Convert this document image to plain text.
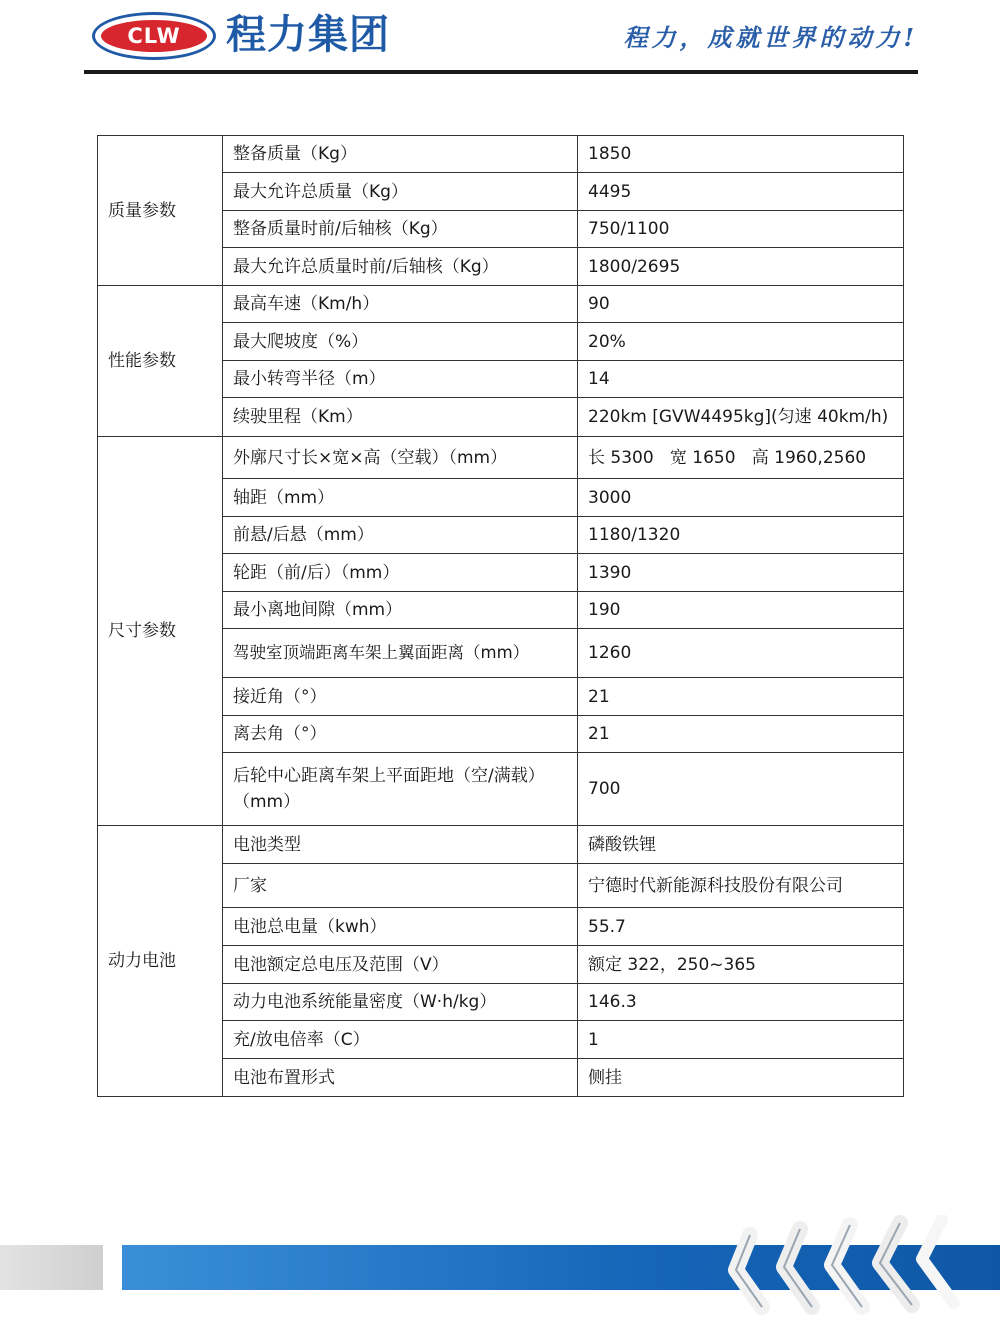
CLW 程力集团	程力，成就世界的动力!
质量参数	整备质量（Kg）	1850
	最大允许总质量（Kg）	4495
	整备质量时前/后轴核（Kg）	750/1100
	最大允许总质量时前/后轴核（Kg）	1800/2695
性能参数	最高车速（Km/h）	90
	最大爬坡度（%）	20%
	最小转弯半径（m）	14
	续驶里程（Km）	220km [GVW4495kg](匀速 40km/h)
尺寸参数	外廓尺寸长×宽×高（空载）（mm）	长 5300   宽 1650   高 1960,2560
	轴距（mm）	3000
	前悬/后悬（mm）	1180/1320
	轮距（前/后）（mm）	1390
	最小离地间隙（mm）	190
	驾驶室顶端距离车架上翼面距离（mm）	1260
	接近角（°）	21
	离去角（°）	21
	后轮中心距离车架上平面距地（空/满载）（mm）	700
动力电池	电池类型	磷酸铁锂
	厂家	宁德时代新能源科技股份有限公司
	电池总电量（kwh）	55.7
	电池额定总电压及范围（V）	额定 322，250~365
	动力电池系统能量密度（W·h/kg）	146.3
	充/放电倍率（C）	1
	电池布置形式	侧挂
